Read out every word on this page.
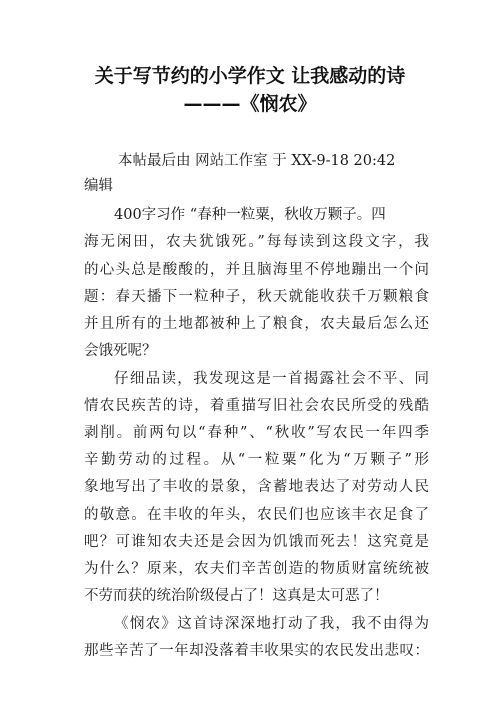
关于写节约的小学作文 让我感动的诗
———《悯农》
本帖最后由 网站工作室 于 XX-9-18 20:42
编辑
400字习作 “春种一粒粟，秋收万颗子。四
海无闲田，农夫犹饿死。”每每读到这段文字，我
的心头总是酸酸的，并且脑海里不停地蹦出一个问
题：春天播下一粒种子，秋天就能收获千万颗粮食
并且所有的土地都被种上了粮食，农夫最后怎么还
会饿死呢？
仔细品读，我发现这是一首揭露社会不平、同
情农民疾苦的诗，着重描写旧社会农民所受的残酷
剥削。前两句以“春种”、“秋收”写农民一年四季
辛勤劳动的过程。从“一粒粟”化为“万颗子”形
象地写出了丰收的景象，含蓄地表达了对劳动人民
的敬意。在丰收的年头，农民们也应该丰衣足食了
吧？可谁知农夫还是会因为饥饿而死去！这究竟是
为什么？原来，农夫们辛苦创造的物质财富统统被
不劳而获的统治阶级侵占了！这真是太可恶了！
《悯农》这首诗深深地打动了我，我不由得为
那些辛苦了一年却没落着丰收果实的农民发出悲叹：
